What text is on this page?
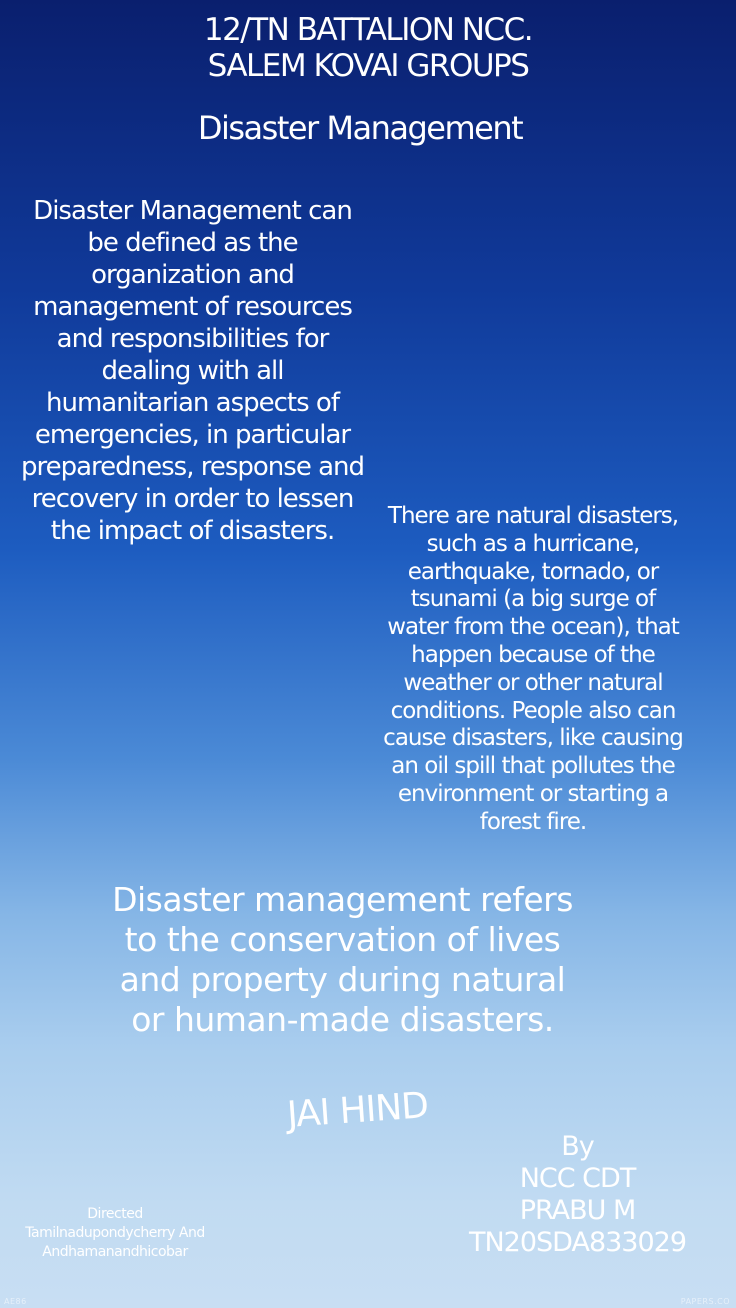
12/TN BATTALION NCC.
SALEM KOVAI GROUPS
Disaster Management
Disaster Management can be defined as the organization and management of resources and responsibilities for dealing with all humanitarian aspects of emergencies, in particular preparedness, response and recovery in order to lessen the impact of disasters.	There are natural disasters, such as a hurricane, earthquake, tornado, or tsunami (a big surge of water from the ocean), that happen because of the weather or other natural conditions. People also can cause disasters, like causing an oil spill that pollutes the environment or starting a forest fire.
Disaster management refers to the conservation of lives and property during natural or human-made disasters.
JAI HIND
By
NCC CDT
PRABU M
TN20SDA833029
Directed
Tamilnadupondycherry And Andhamanandhicobar
AE86	PAPERS.CO
